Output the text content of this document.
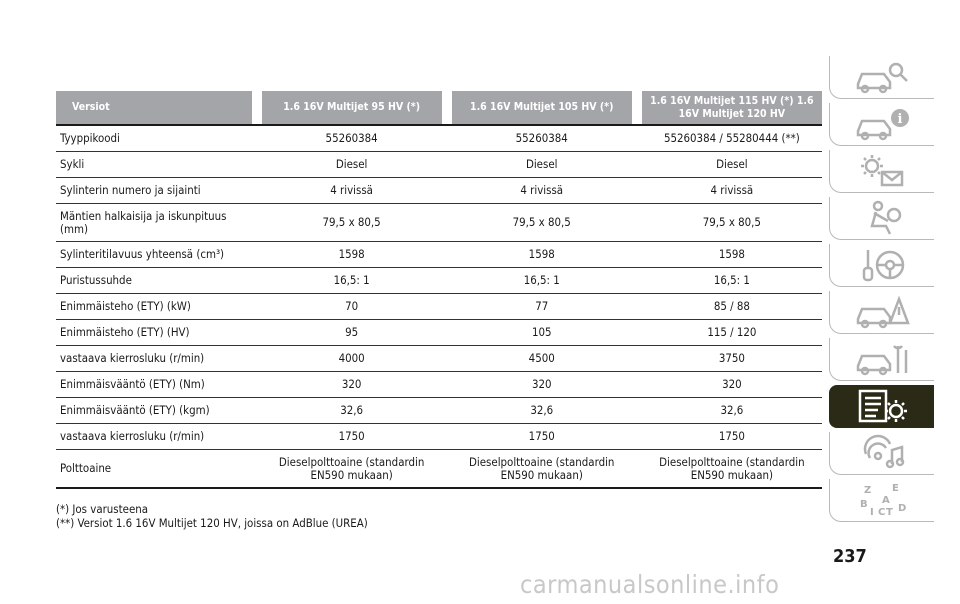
Versiot		1.6 16V Multijet 95 HV (*)		1.6 16V Multijet 105 HV (*)		1.6 16V Multijet 115 HV (*) 1.6 16V Multijet 120 HV
Tyyppikoodi		55260384		55260384		55260384 / 55280444 (**)
Sykli		Diesel		Diesel		Diesel
Sylinterin numero ja sijainti		4 rivissä		4 rivissä		4 rivissä
Mäntien halkaisija ja iskunpituus (mm)		79,5 x 80,5		79,5 x 80,5		79,5 x 80,5
Sylinteritilavuus yhteensä (cm³)		1598		1598		1598
Puristussuhde		16,5: 1		16,5: 1		16,5: 1
Enimmäisteho (ETY) (kW)		70		77		85 / 88
Enimmäisteho (ETY) (HV)		95		105		115 / 120
vastaava kierrosluku (r/min)		4000		4500		3750
Enimmäisvääntö (ETY) (Nm)		320		320		320
Enimmäisvääntö (ETY) (kgm)		32,6		32,6		32,6
vastaava kierrosluku (r/min)		1750		1750		1750
Polttoaine		Dieselpolttoaine (standardin EN590 mukaan)		Dieselpolttoaine (standardin EN590 mukaan)		Dieselpolttoaine (standardin EN590 mukaan)
(*) Jos varusteena
(**) Versiot 1.6 16V Multijet 120 HV, joissa on AdBlue (UREA)
i
Z E
B A
I C T D
237
carmanualsonline.info
